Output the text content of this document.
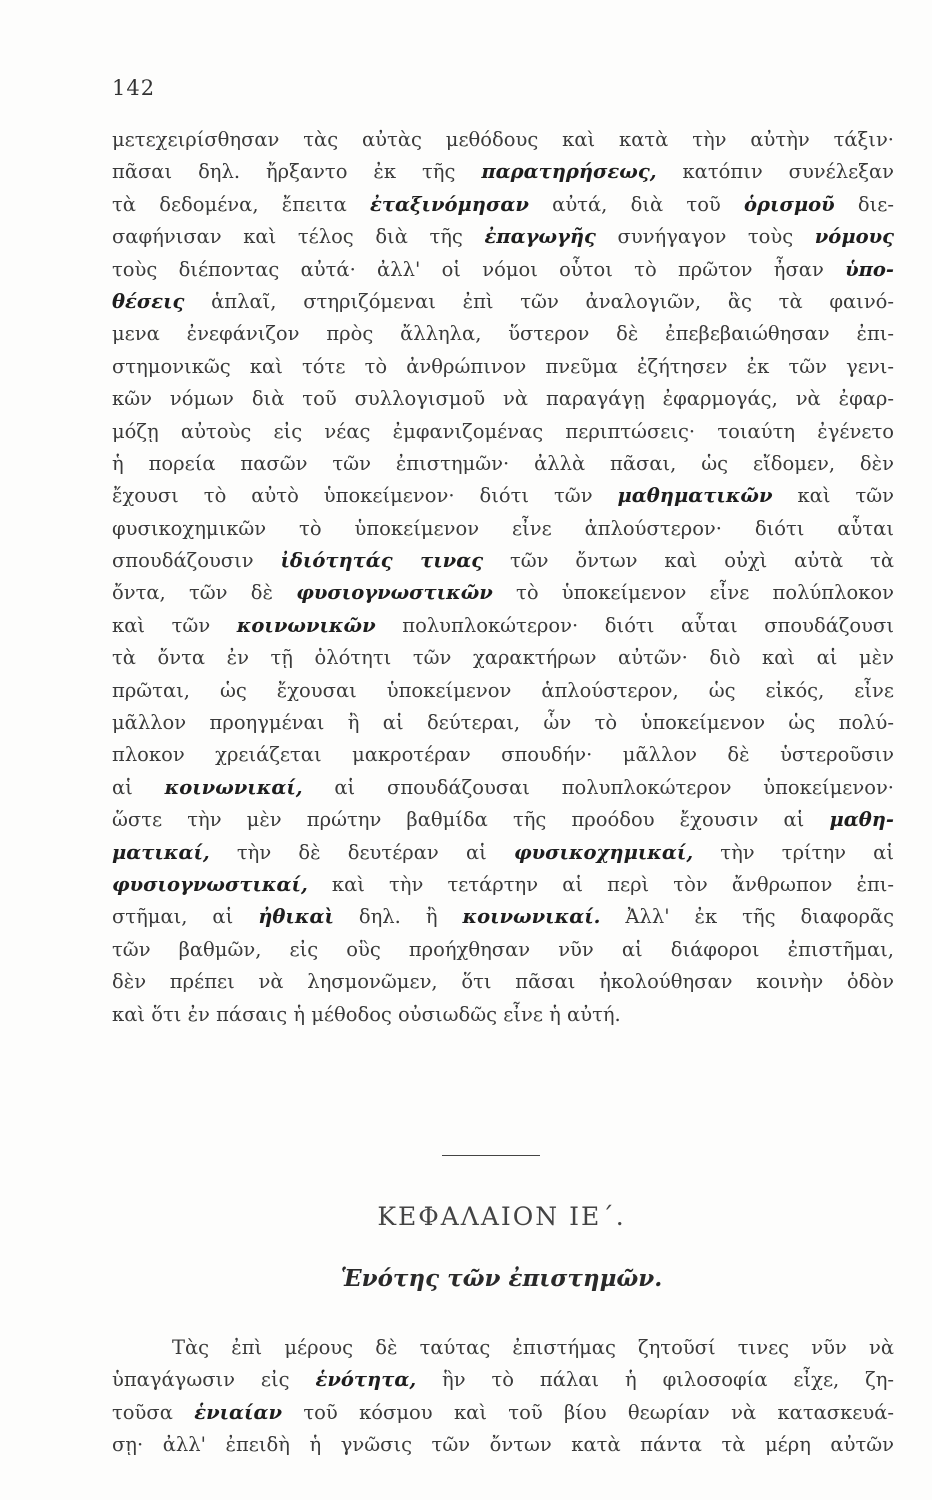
142
μετεχειρίσθησαν τὰς αὐτὰς μεθόδους καὶ κατὰ τὴν αὐτὴν τάξιν·
πᾶσαι δηλ. ἤρξαντο ἐκ τῆς παρατηρήσεως, κατόπιν συνέλεξαν
τὰ δεδομένα, ἔπειτα ἐταξινόμησαν αὐτά, διὰ τοῦ ὁρισμοῦ διε-
σαφήνισαν καὶ τέλος διὰ τῆς ἐπαγωγῆς συνήγαγον τοὺς νόμους
τοὺς διέποντας αὐτά· ἀλλ' οἱ νόμοι οὗτοι τὸ πρῶτον ἦσαν ὑπο-
θέσεις ἁπλαῖ, στηριζόμεναι ἐπὶ τῶν ἀναλογιῶν, ἃς τὰ φαινό-
μενα ἐνεφάνιζον πρὸς ἄλληλα, ὕστερον δὲ ἐπεβεβαιώθησαν ἐπι-
στημονικῶς καὶ τότε τὸ ἀνθρώπινον πνεῦμα ἐζήτησεν ἐκ τῶν γενι-
κῶν νόμων διὰ τοῦ συλλογισμοῦ νὰ παραγάγῃ ἐφαρμογάς, νὰ ἐφαρ-
μόζῃ αὐτοὺς εἰς νέας ἐμφανιζομένας περιπτώσεις· τοιαύτη ἐγένετο
ἡ πορεία πασῶν τῶν ἐπιστημῶν· ἀλλὰ πᾶσαι, ὡς εἴδομεν, δὲν
ἔχουσι τὸ αὐτὸ ὑποκείμενον· διότι τῶν μαθηματικῶν καὶ τῶν
φυσικοχημικῶν τὸ ὑποκείμενον εἶνε ἁπλούστερον· διότι αὗται
σπουδάζουσιν ἰδιότητάς τινας τῶν ὄντων καὶ οὐχὶ αὐτὰ τὰ
ὄντα, τῶν δὲ φυσιογνωστικῶν τὸ ὑποκείμενον εἶνε πολύπλοκον
καὶ τῶν κοινωνικῶν πολυπλοκώτερον· διότι αὗται σπουδάζουσι
τὰ ὄντα ἐν τῇ ὁλότητι τῶν χαρακτήρων αὐτῶν· διὸ καὶ αἱ μὲν
πρῶται, ὡς ἔχουσαι ὑποκείμενον ἁπλούστερον, ὡς εἰκός, εἶνε
μᾶλλον προηγμέναι ἢ αἱ δεύτεραι, ὧν τὸ ὑποκείμενον ὡς πολύ-
πλοκον χρειάζεται μακροτέραν σπουδήν· μᾶλλον δὲ ὑστεροῦσιν
αἱ κοινωνικαί, αἱ σπουδάζουσαι πολυπλοκώτερον ὑποκείμενον·
ὥστε τὴν μὲν πρώτην βαθμίδα τῆς προόδου ἔχουσιν αἱ μαθη-
ματικαί, τὴν δὲ δευτέραν αἱ φυσικοχημικαί, τὴν τρίτην αἱ
φυσιογνωστικαί, καὶ τὴν τετάρτην αἱ περὶ τὸν ἄνθρωπον ἐπι-
στῆμαι, αἱ ἠθικαὶ δηλ. ἢ κοινωνικαί. Ἀλλ' ἐκ τῆς διαφορᾶς
τῶν βαθμῶν, εἰς οὓς προήχθησαν νῦν αἱ διάφοροι ἐπιστῆμαι,
δὲν πρέπει νὰ λησμονῶμεν, ὅτι πᾶσαι ἠκολούθησαν κοινὴν ὁδὸν
καὶ ὅτι ἐν πάσαις ἡ μέθοδος οὐσιωδῶς εἶνε ἡ αὐτή.
ΚΕΦΑΛΑΙΟΝ ΙΕ΄.
Ἑνότης τῶν ἐπιστημῶν.
Τὰς ἐπὶ μέρους δὲ ταύτας ἐπιστήμας ζητοῦσί τινες νῦν νὰ
ὑπαγάγωσιν εἰς ἑνότητα, ἣν τὸ πάλαι ἡ φιλοσοφία εἶχε, ζη-
τοῦσα ἑνιαίαν τοῦ κόσμου καὶ τοῦ βίου θεωρίαν νὰ κατασκευά-
σῃ· ἀλλ' ἐπειδὴ ἡ γνῶσις τῶν ὄντων κατὰ πάντα τὰ μέρη αὐτῶν
